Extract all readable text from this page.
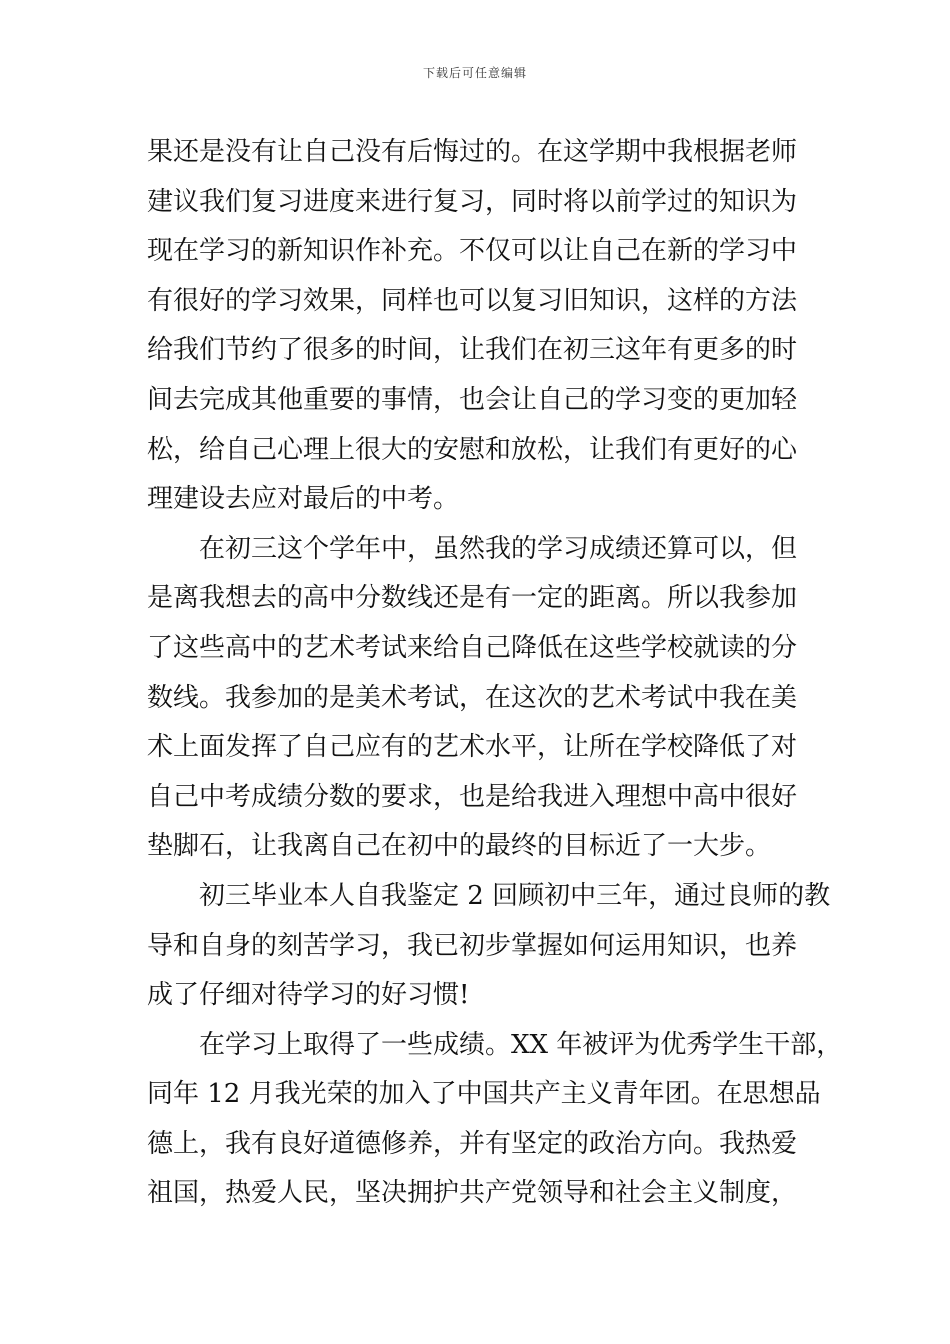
下载后可任意编辑
果还是没有让自己没有后悔过的。在这学期中我根据老师
建议我们复习进度来进行复习，同时将以前学过的知识为
现在学习的新知识作补充。不仅可以让自己在新的学习中
有很好的学习效果，同样也可以复习旧知识，这样的方法
给我们节约了很多的时间，让我们在初三这年有更多的时
间去完成其他重要的事情，也会让自己的学习变的更加轻
松，给自己心理上很大的安慰和放松，让我们有更好的心
理建设去应对最后的中考。
　　在初三这个学年中，虽然我的学习成绩还算可以，但
是离我想去的高中分数线还是有一定的距离。所以我参加
了这些高中的艺术考试来给自己降低在这些学校就读的分
数线。我参加的是美术考试，在这次的艺术考试中我在美
术上面发挥了自己应有的艺术水平，让所在学校降低了对
自己中考成绩分数的要求，也是给我进入理想中高中很好
垫脚石，让我离自己在初中的最终的目标近了一大步。
　　初三毕业本人自我鉴定 2 回顾初中三年，通过良师的教
导和自身的刻苦学习，我已初步掌握如何运用知识，也养
成了仔细对待学习的好习惯!
　　在学习上取得了一些成绩。XX 年被评为优秀学生干部，
同年 12 月我光荣的加入了中国共产主义青年团。在思想品
德上，我有良好道德修养，并有坚定的政治方向。我热爱
祖国，热爱人民，坚决拥护共产党领导和社会主义制度，
